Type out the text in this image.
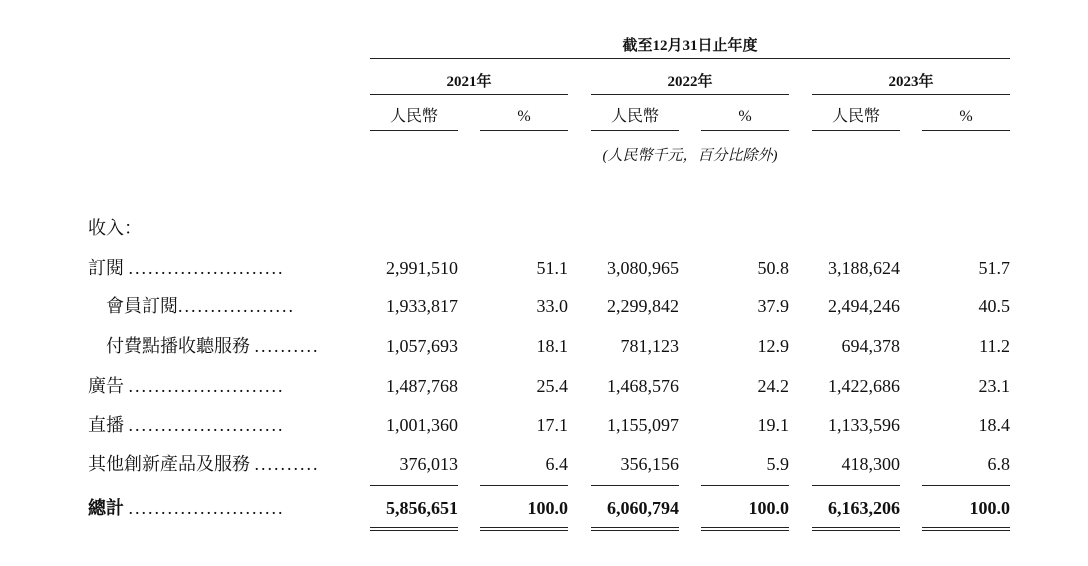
截至12月31日止年度
2021年	2022年	2023年
人民幣	%	人民幣	%	人民幣	%
(人民幣千元，百分比除外)
收入：
訂閱 ........................	2,991,510	51.1	3,080,965	50.8	3,188,624	51.7
會員訂閱..................	1,933,817	33.0	2,299,842	37.9	2,494,246	40.5
付費點播收聽服務 ..........	1,057,693	18.1	781,123	12.9	694,378	11.2
廣告 ........................	1,487,768	25.4	1,468,576	24.2	1,422,686	23.1
直播 ........................	1,001,360	17.1	1,155,097	19.1	1,133,596	18.4
其他創新產品及服務 ..........	376,013	6.4	356,156	5.9	418,300	6.8
總計 ........................	5,856,651	100.0	6,060,794	100.0	6,163,206	100.0
